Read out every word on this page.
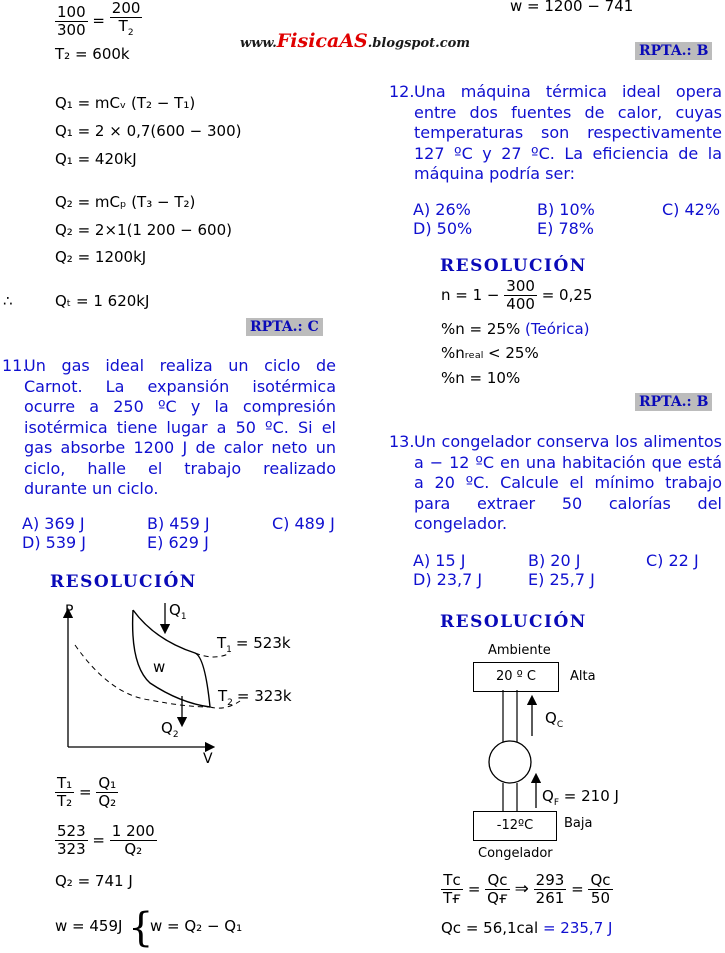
$\frac{100}{300} = \frac{200}{T_2}$
T₂ = 600k
Q₁ = mCᵥ (T₂ − T₁)
Q₁ = 2 × 0,7(600 − 300)
Q₁ = 420kJ
Q₂ = mCₚ (T₃ − T₂)
Q₂ = 2×1(1 200 − 600)
Q₂ = 1200kJ
∴	Qₜ = 1 620kJ
RPTA.: C
11.
Un gas ideal realiza un ciclo de Carnot. La expansión isotérmica ocurre a 250 ºC y la compresión isotérmica tiene lugar a 50 ºC. Si el gas absorbe 1200 J de calor neto un ciclo, halle el trabajo realizado durante un ciclo.
A) 369 J	B) 459 J	C) 489 J
D) 539 J	E) 629 J
RESOLUCIÓN
P
V
$Q_1$
w
$T_1 = 523k$
$T_2 = 323k$
$Q_2$
$\frac{\text{T₁}}{\text{T₂}} = \frac{\text{Q₁}}{\text{Q₂}}$
$\frac{523}{323} = \frac{1 200}{\text{Q₂}}$
Q₂ = 741 J
w = 459J {
w = Q₂ − Q₁
www.FisicaAS.blogspot.com
w = 1200 − 741
RPTA.: B
12. Una máquina térmica ideal opera entre dos fuentes de calor, cuyas temperaturas son respectivamente 127 ºC y 27 ºC. La eficiencia de la máquina podría ser:
A) 26%	B) 10%	C) 42%
D) 50%	E) 78%
RESOLUCIÓN
$n = 1 - \frac{300}{400} = 0,25$
%n = 25% (Teórica)
%nᵣₑₐₗ < 25%
%n = 10%
RPTA.: B
13. Un congelador conserva los alimentos a − 12 ºC en una habitación que está a 20 ºC. Calcule el mínimo trabajo para extraer 50 calorías del congelador.
A) 15 J	B) 20 J	C) 22 J
D) 23,7 J	E) 25,7 J
RESOLUCIÓN
Ambiente
20 º C	Alta
$Q_C$
$Q_F = 210$ J
-12ºC	Baja
Congelador
$\frac{\text{Tᴄ}}{Tғ} = \frac{\text{Qᴄ}}{Qғ}$ ⇒ $\frac{293}{261} = \frac{\text{Qᴄ}}{50}$
Qᴄ = 56,1cal = 235,7 J
